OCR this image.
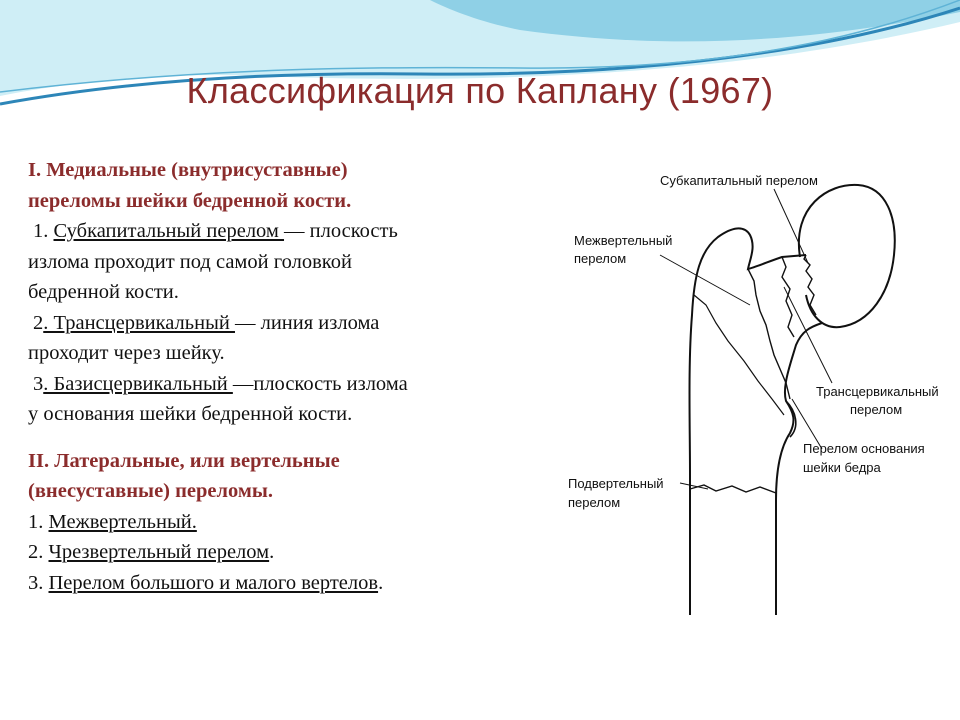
Классификация по Каплану (1967)
I. Медиальные (внутрисуставные)
переломы шейки бедренной кости.
1. Субкапитальный перелом — плоскость
излома проходит под самой головкой
бедренной кости.
2. Трансцервикальный — линия излома
проходит через шейку.
3. Базисцервикальный —плоскость излома
у основания шейки бедренной кости.
II. Латеральные, или вертельные
(внесуставные) переломы.
1. Межвертельный.
2. Чрезвертельный перелом.
3. Перелом большого и малого вертелов.
Субкапитальный перелом
Межвертельный
перелом
Трансцервикальный
перелом
Перелом основания
шейки бедра
Подвертельный
перелом
